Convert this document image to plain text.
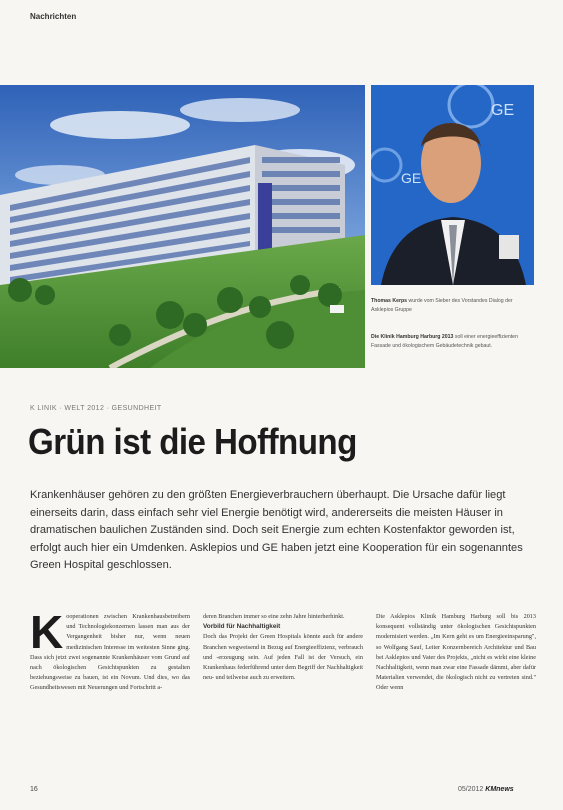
Nachrichten
GE
GE
Thomas Kerps wurde vom Sieber des Vorstandes Dialog der Asklepios Gruppe
Die Klinik Hamburg Harburg 2013 soll einer energieeffizienten Fassade und ökologischem Gebäudetechnik gebaut.
K LINIK · WELT 2012 · GESUNDHEIT
Grün ist die Hoffnung
Krankenhäuser gehören zu den größten Energieverbrauchern überhaupt. Die Ursache dafür liegt einerseits darin, dass einfach sehr viel Energie benötigt wird, andererseits die meisten Häuser in dramatischen baulichen Zuständen sind. Doch seit Energie zum echten Kostenfaktor geworden ist, erfolgt auch hier ein Umdenken. Asklepios und GE haben jetzt eine Kooperation für ein sogenanntes Green Hospital geschlossen.

Kooperationen zwischen Krankenhausbetreibern und Technologiekonzernen lassen man aus der Vergangenheit bisher nur, wenn neuen medizinischen Interesse im weitesten Sinne ging. Dass sich jetzt zwei sogenannte Krankenhäuser vom Grund auf nach ökologischen Gesichtspunkten zu gestalten beziehungsweise zu bauen, ist ein Novum. Und dies, wo das Gesundheitswesen mit Neuerungen und Fortschritt a-

deren Branchen immer so eine zehn Jahre hinterherhinkt.

Vorbild für Nachhaltigkeit

Doch das Projekt der Green Hospitals könnte auch für andere Branchen wegweisend in Bezug auf Energieeffizienz, verbrauch und -erzeugung sein. Auf jeden Fall ist der Versuch, ein Krankenhaus federführend unter dem Begriff der Nachhaltigkeit neu- und teilweise auch zu erweitern.

Die Asklepios Klinik Hamburg Harburg soll bis 2013 konsequent vollständig unter ökologischen Gesichtspunkten modernisiert werden. „Im Kern geht es um Energieeinsparung", so Wolfgang Sauf, Leiter Konzernbereich Architektur und Bau bei Asklepios und Vater des Projekts, „nicht es wirkt eine kleine Nachhaltigkeit, wenn man zwar eine Fassade dämmt, aber dafür Materialien verwendet, die ökologisch nicht zu vertreten sind." Oder wenn

16	05/2012 KMnews
